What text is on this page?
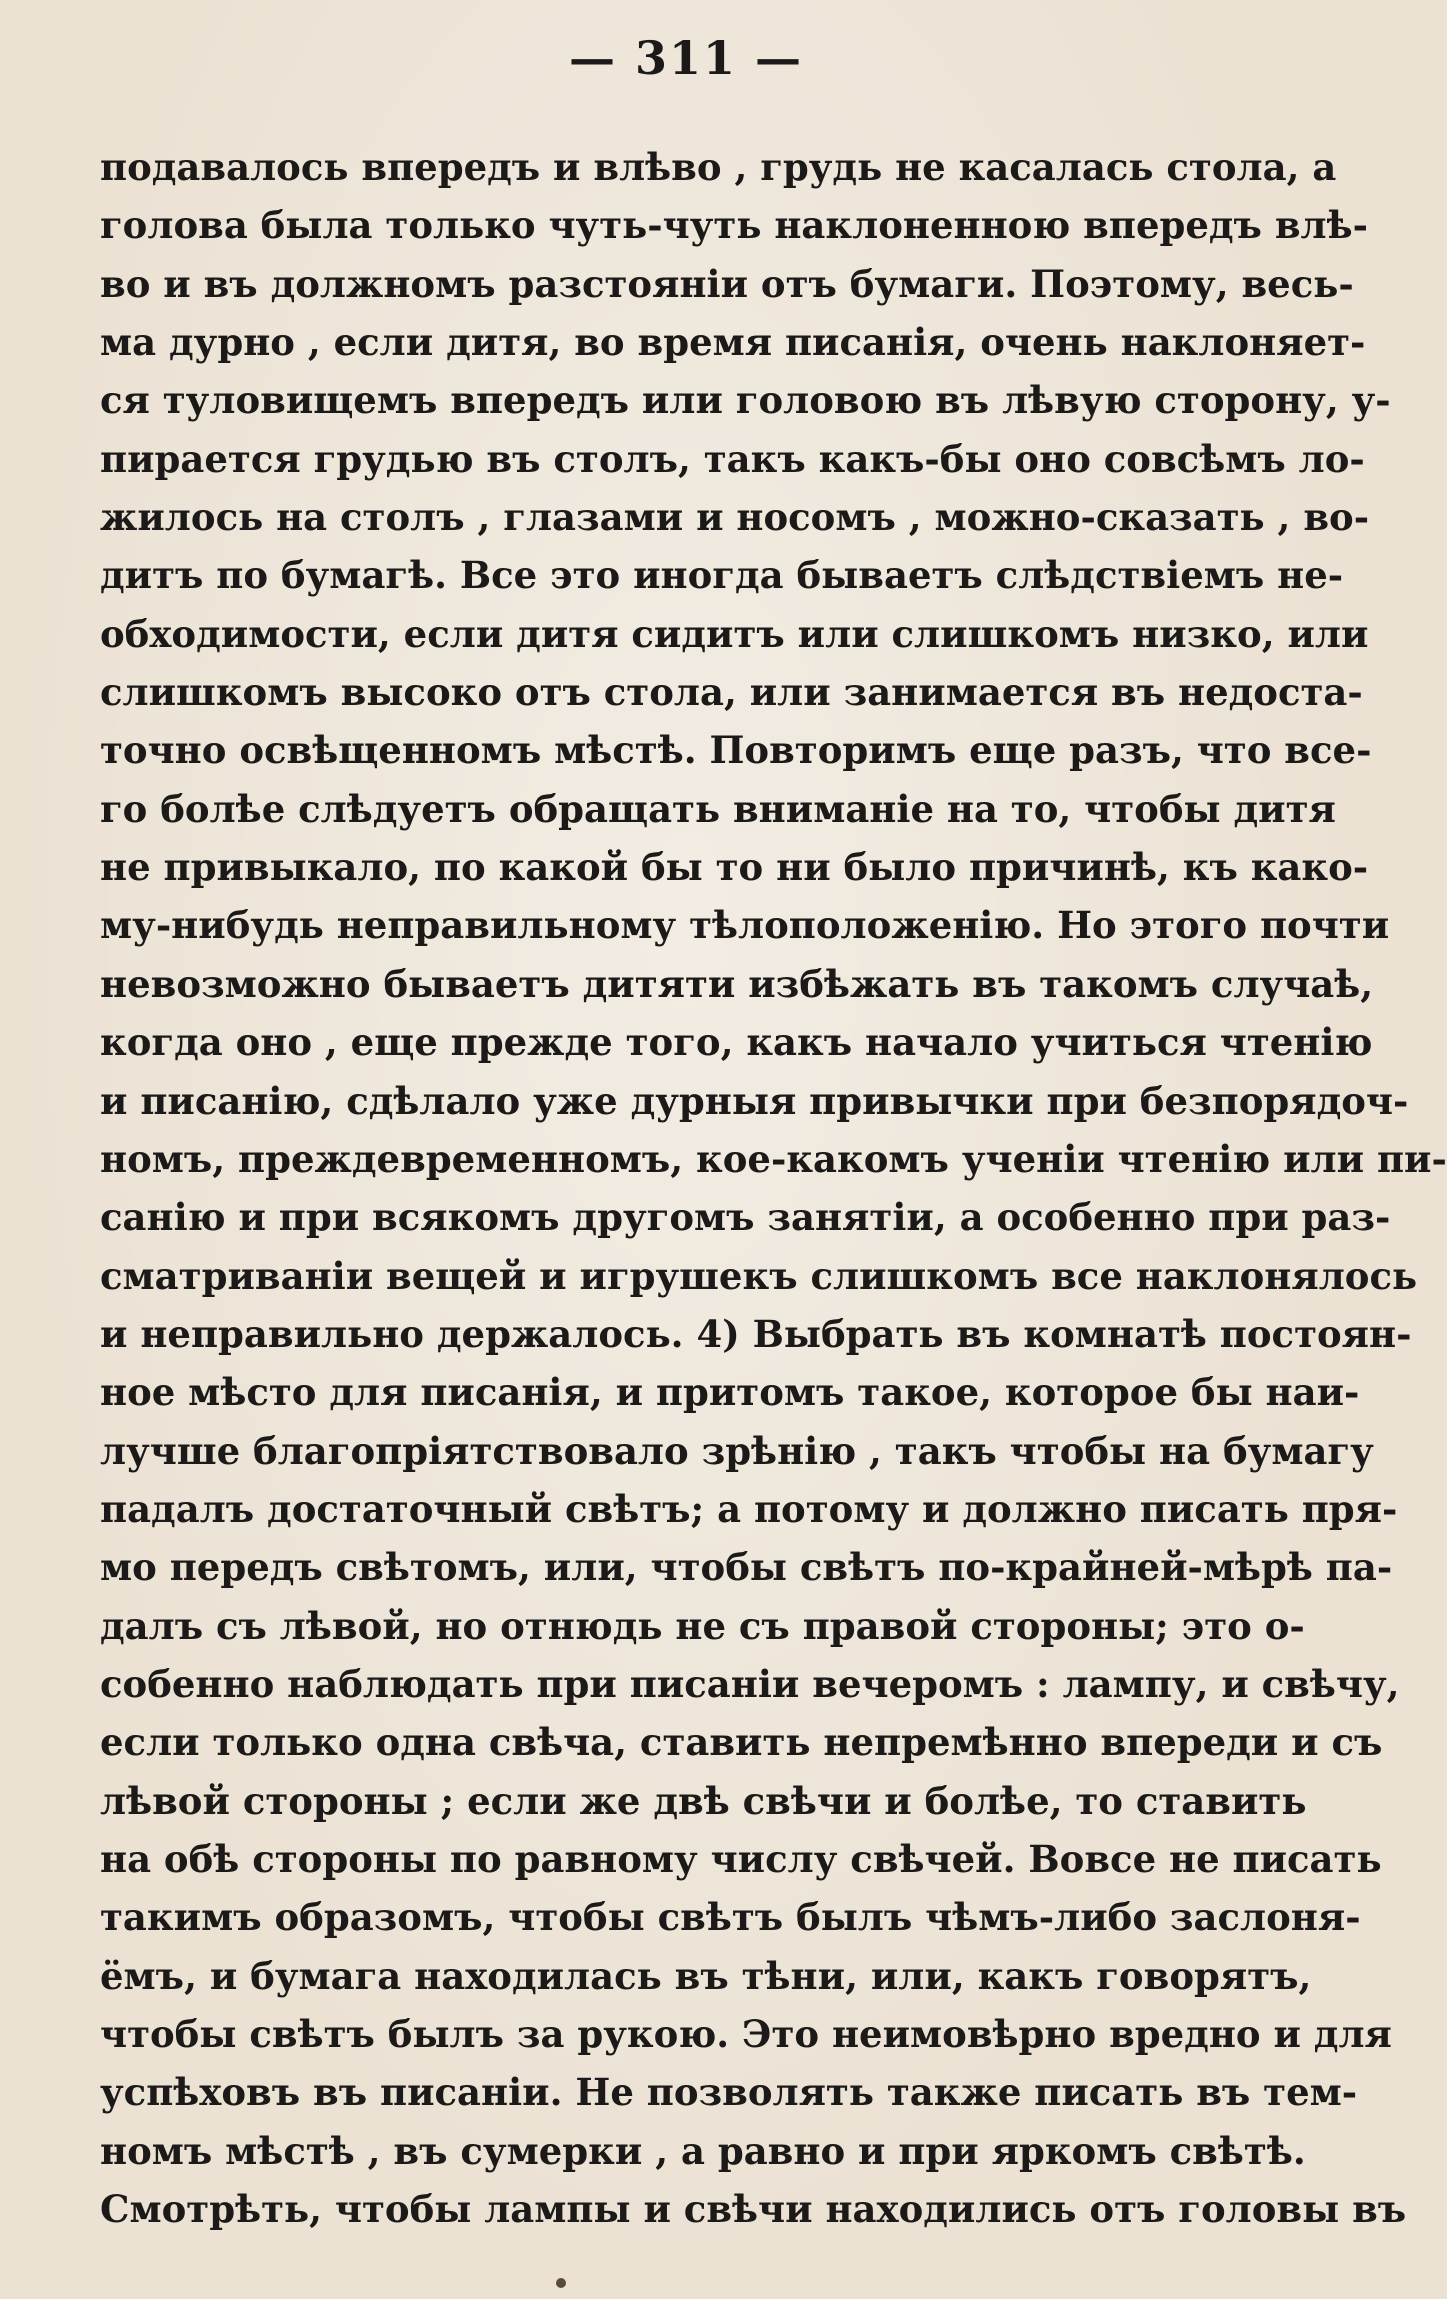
— 311 —
подавалось впередъ и влѣво , грудь не касалась стола, а
голова была только чуть-чуть наклоненною впередъ влѣ-
во и въ должномъ разстояніи отъ бумаги. Поэтому, весь-
ма дурно , если дитя, во время писанія, очень наклоняет-
ся туловищемъ впередъ или головою въ лѣвую сторону, у-
пирается грудью въ столъ, такъ какъ-бы оно совсѣмъ ло-
жилось на столъ , глазами и носомъ , можно-сказать , во-
дитъ по бумагѣ. Все это иногда бываетъ слѣдствіемъ не-
обходимости, если дитя сидитъ или слишкомъ низко, или
слишкомъ высоко отъ стола, или занимается въ недоста-
точно освѣщенномъ мѣстѣ. Повторимъ еще разъ, что все-
го болѣе слѣдуетъ обращать вниманіе на то, чтобы дитя
не привыкало, по какой бы то ни было причинѣ, къ како-
му-нибудь неправильному тѣлоположенію. Но этого почти
невозможно бываетъ дитяти избѣжать въ такомъ случаѣ,
когда оно , еще прежде того, какъ начало учиться чтенію
и писанію, сдѣлало уже дурныя привычки при безпорядоч-
номъ, преждевременномъ, кое-какомъ ученіи чтенію или пи-
санію и при всякомъ другомъ занятіи, а особенно при раз-
сматриваніи вещей и игрушекъ слишкомъ все наклонялось
и неправильно держалось. 4) Выбрать въ комнатѣ постоян-
ное мѣсто для писанія, и притомъ такое, которое бы наи-
лучше благопріятствовало зрѣнію , такъ чтобы на бумагу
падалъ достаточный свѣтъ; а потому и должно писать пря-
мо передъ свѣтомъ, или, чтобы свѣтъ по-крайней-мѣрѣ па-
далъ съ лѣвой, но отнюдь не съ правой стороны; это о-
собенно наблюдать при писаніи вечеромъ : лампу, и свѣчу,
если только одна свѣча, ставить непремѣнно впереди и съ
лѣвой стороны ; если же двѣ свѣчи и болѣе, то ставить
на обѣ стороны по равному числу свѣчей. Вовсе не писать
такимъ образомъ, чтобы свѣтъ былъ чѣмъ-либо заслоня-
ёмъ, и бумага находилась въ тѣни, или, какъ говорятъ,
чтобы свѣтъ былъ за рукою. Это неимовѣрно вредно и для
успѣховъ въ писаніи. Не позволять также писать въ тем-
номъ мѣстѣ , въ сумерки , а равно и при яркомъ свѣтѣ.
Смотрѣть, чтобы лампы и свѣчи находились отъ головы въ
